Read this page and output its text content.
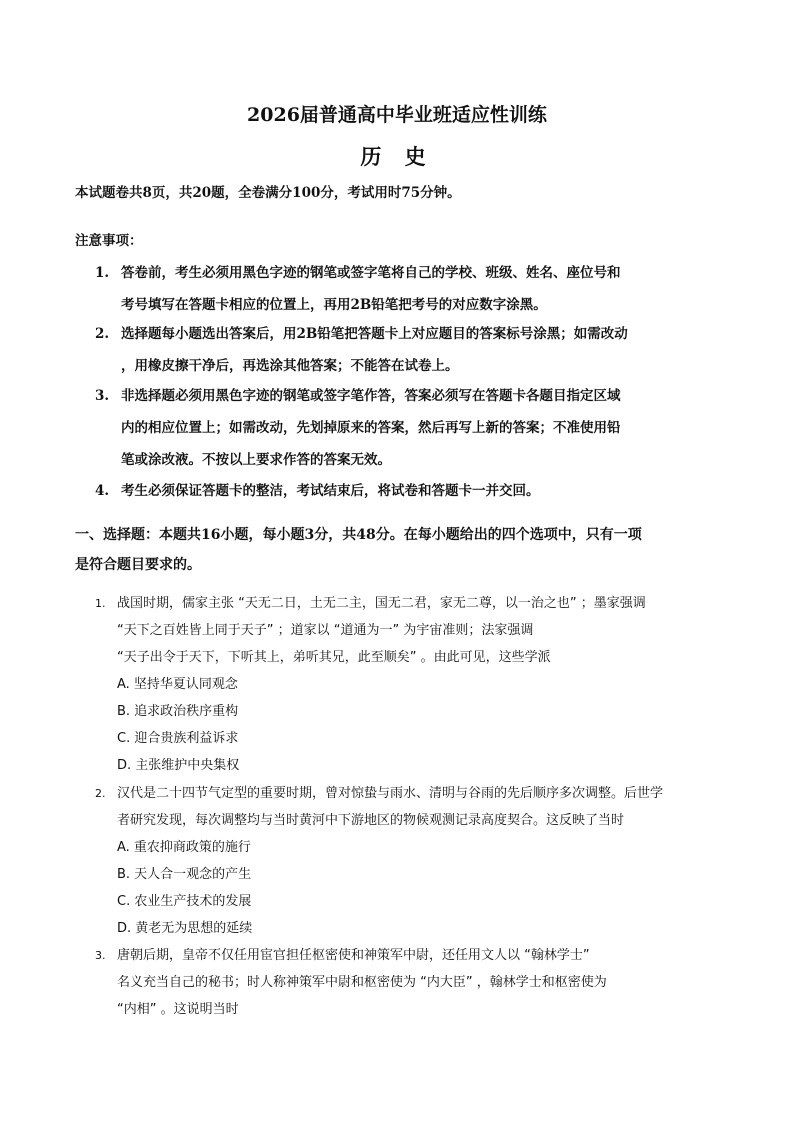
2026届普通高中毕业班适应性训练
历 史
本试题卷共8页，共20题，全卷满分100分，考试用时75分钟。
注意事项：
1. 答卷前，考生必须用黑色字迹的钢笔或签字笔将自己的学校、班级、姓名、座位号和
考号填写在答题卡相应的位置上，再用2B铅笔把考号的对应数字涂黑。
2. 选择题每小题选出答案后，用2B铅笔把答题卡上对应题目的答案标号涂黑；如需改动
，用橡皮擦干净后，再选涂其他答案；不能答在试卷上。
3. 非选择题必须用黑色字迹的钢笔或签字笔作答，答案必须写在答题卡各题目指定区域
内的相应位置上；如需改动，先划掉原来的答案，然后再写上新的答案；不准使用铅
笔或涂改液。不按以上要求作答的答案无效。
4. 考生必须保证答题卡的整洁，考试结束后，将试卷和答题卡一并交回。
一、选择题：本题共16小题，每小题3分，共48分。在每小题给出的四个选项中，只有一项
是符合题目要求的。
1. 战国时期，儒家主张 “天无二日，土无二主，国无二君，家无二尊，以一治之也” ；墨家强调
“天下之百姓皆上同于天子” ；道家以 “道通为一” 为宇宙准则；法家强调
“天子出令于天下，下听其上，弟听其兄，此至顺矣” 。由此可见，这些学派
A. 坚持华夏认同观念
B. 追求政治秩序重构
C. 迎合贵族利益诉求
D. 主张维护中央集权
2. 汉代是二十四节气定型的重要时期，曾对惊蛰与雨水、清明与谷雨的先后顺序多次调整。后世学
者研究发现，每次调整均与当时黄河中下游地区的物候观测记录高度契合。这反映了当时
A. 重农抑商政策的施行
B. 天人合一观念的产生
C. 农业生产技术的发展
D. 黄老无为思想的延续
3. 唐朝后期，皇帝不仅任用宦官担任枢密使和神策军中尉，还任用文人以 “翰林学士”
名义充当自己的秘书；时人称神策军中尉和枢密使为 “内大臣” ，翰林学士和枢密使为
“内相” 。这说明当时
